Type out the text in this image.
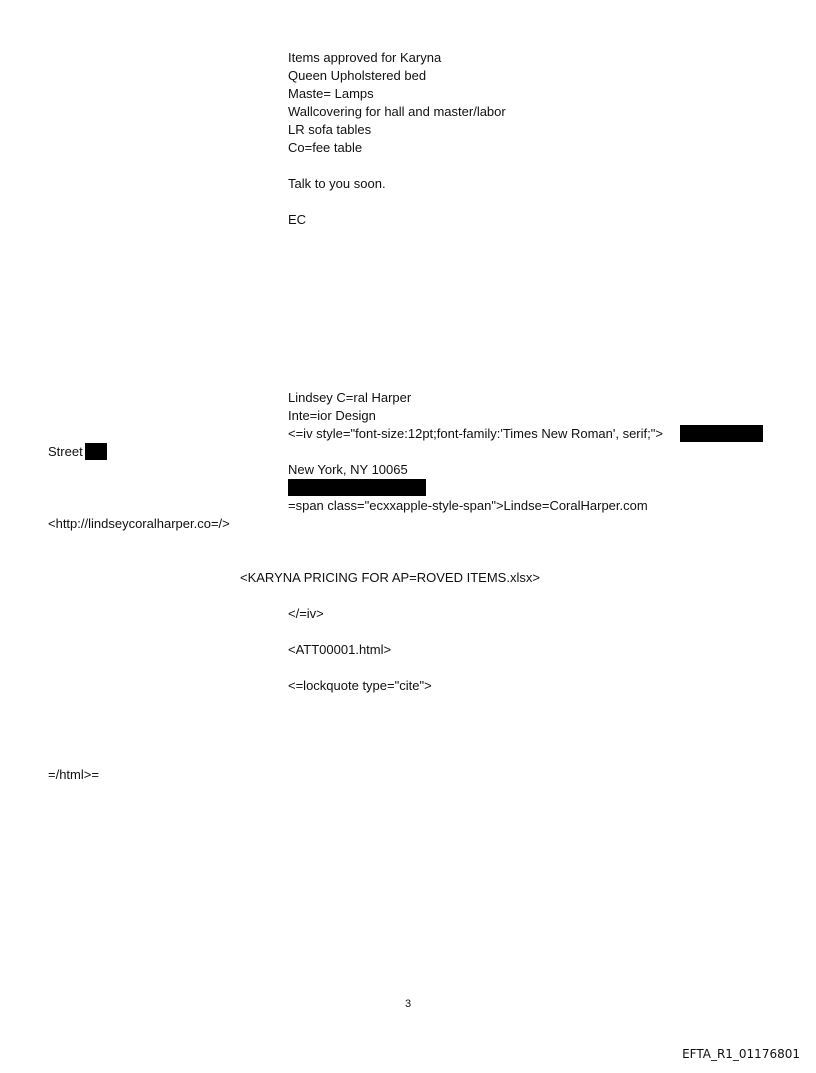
Items approved for Karyna
Queen Upholstered bed
Maste= Lamps
Wallcovering for hall and master/labor
LR sofa tables
Co=fee table
Talk to you soon.
EC
Lindsey C=ral Harper
Inte=ior Design
<=iv style="font-size:12pt;font-family:'Times New Roman', serif;">
Street
New York, NY 10065
=span class="ecxxapple-style-span">Lindse=CoralHarper.com
<http://lindseycoralharper.co=/>
<KARYNA PRICING FOR AP=ROVED ITEMS.xlsx>
</=iv>
<ATT00001.html>
<=lockquote type="cite">
=/html>=
3
EFTA_R1_01176801
